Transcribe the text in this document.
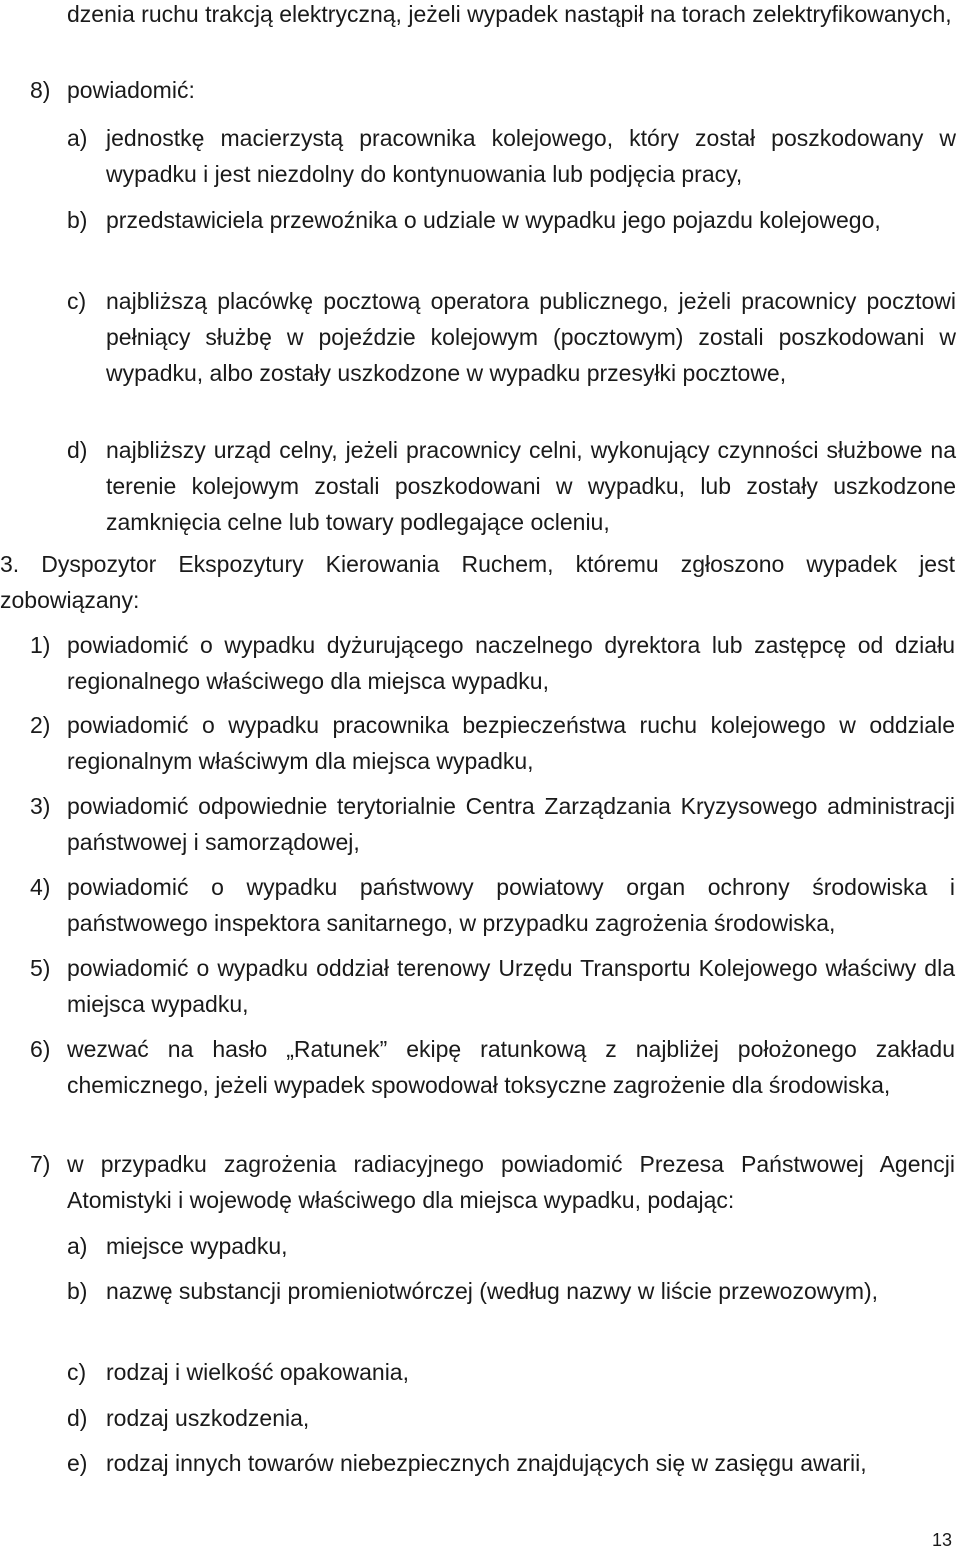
dzenia ruchu trakcją elektryczną, jeżeli wypadek nastąpił na torach zelektryfikowanych,
8) powiadomić:
a) jednostkę macierzystą pracownika kolejowego, który został poszkodowany w wypadku i jest niezdolny do kontynuowania lub podjęcia pracy,
b) przedstawiciela przewoźnika o udziale w wypadku jego pojazdu kolejowego,
c) najbliższą placówkę pocztową operatora publicznego, jeżeli pracownicy pocztowi pełniący służbę w pojeździe kolejowym (pocztowym) zostali poszkodowani w wypadku, albo zostały uszkodzone w wypadku przesyłki pocztowe,
d) najbliższy urząd celny, jeżeli pracownicy celni, wykonujący czynności służbowe na terenie kolejowym zostali poszkodowani w wypadku, lub zostały uszkodzone zamknięcia celne lub towary podlegające ocleniu,
3. Dyspozytor Ekspozytury Kierowania Ruchem, któremu zgłoszono wypadek jest zobowiązany:
1) powiadomić o wypadku dyżurującego naczelnego dyrektora lub zastępcę od działu regionalnego właściwego dla miejsca wypadku,
2) powiadomić o wypadku pracownika bezpieczeństwa ruchu kolejowego w oddziale regionalnym właściwym dla miejsca wypadku,
3) powiadomić odpowiednie terytorialnie Centra Zarządzania Kryzysowego administracji państwowej i samorządowej,
4) powiadomić o wypadku państwowy powiatowy organ ochrony środowiska i państwowego inspektora sanitarnego, w przypadku zagrożenia środowiska,
5) powiadomić o wypadku oddział terenowy Urzędu Transportu Kolejowego właściwy dla miejsca wypadku,
6) wezwać na hasło „Ratunek” ekipę ratunkową z najbliżej położonego zakładu chemicznego, jeżeli wypadek spowodował toksyczne zagrożenie dla środowiska,
7) w przypadku zagrożenia radiacyjnego powiadomić Prezesa Państwowej Agencji Atomistyki i wojewodę właściwego dla miejsca wypadku, podając:
a) miejsce wypadku,
b) nazwę substancji promieniotwórczej (według nazwy w liście przewozowym),
c) rodzaj i wielkość opakowania,
d) rodzaj uszkodzenia,
e) rodzaj innych towarów niebezpiecznych znajdujących się w zasięgu awarii,
13
